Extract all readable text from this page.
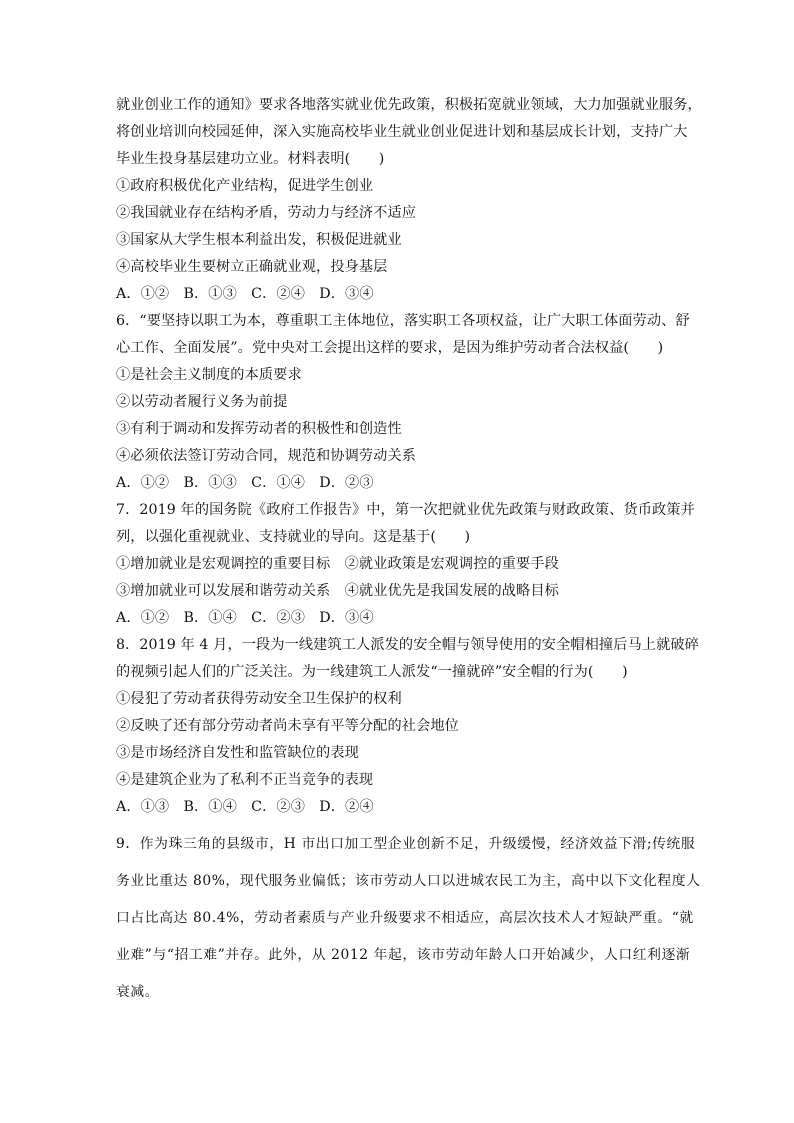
就业创业工作的通知》要求各地落实就业优先政策，积极拓宽就业领域，大力加强就业服务，
将创业培训向校园延伸，深入实施高校毕业生就业创业促进计划和基层成长计划，支持广大
毕业生投身基层建功立业。材料表明(　　)
①政府积极优化产业结构，促进学生创业
②我国就业存在结构矛盾，劳动力与经济不适应
③国家从大学生根本利益出发，积极促进就业
④高校毕业生要树立正确就业观，投身基层
A．①②　B．①③　C．②④　D．③④
6．“要坚持以职工为本，尊重职工主体地位，落实职工各项权益，让广大职工体面劳动、舒
心工作、全面发展”。党中央对工会提出这样的要求，是因为维护劳动者合法权益(　　)
①是社会主义制度的本质要求
②以劳动者履行义务为前提
③有利于调动和发挥劳动者的积极性和创造性
④必须依法签订劳动合同，规范和协调劳动关系
A．①②　B．①③　C．①④　D．②③
7．2019 年的国务院《政府工作报告》中，第一次把就业优先政策与财政政策、货币政策并
列，以强化重视就业、支持就业的导向。这是基于(　　)
①增加就业是宏观调控的重要目标　②就业政策是宏观调控的重要手段
③增加就业可以发展和谐劳动关系　④就业优先是我国发展的战略目标
A．①②　B．①④　C．②③　D．③④
8．2019 年 4 月，一段为一线建筑工人派发的安全帽与领导使用的安全帽相撞后马上就破碎
的视频引起人们的广泛关注。为一线建筑工人派发“一撞就碎”安全帽的行为(　　)
①侵犯了劳动者获得劳动安全卫生保护的权利
②反映了还有部分劳动者尚未享有平等分配的社会地位
③是市场经济自发性和监管缺位的表现
④是建筑企业为了私利不正当竞争的表现
A．①③　B．①④　C．②③　D．②④
9．作为珠三角的县级市，H 市出口加工型企业创新不足，升级缓慢，经济效益下滑;传统服
务业比重达 80%，现代服务业偏低；该市劳动人口以进城农民工为主，高中以下文化程度人
口占比高达 80.4%，劳动者素质与产业升级要求不相适应，高层次技术人才短缺严重。“就
业难”与“招工难”并存。此外，从 2012 年起，该市劳动年龄人口开始减少，人口红利逐渐
衰减。
